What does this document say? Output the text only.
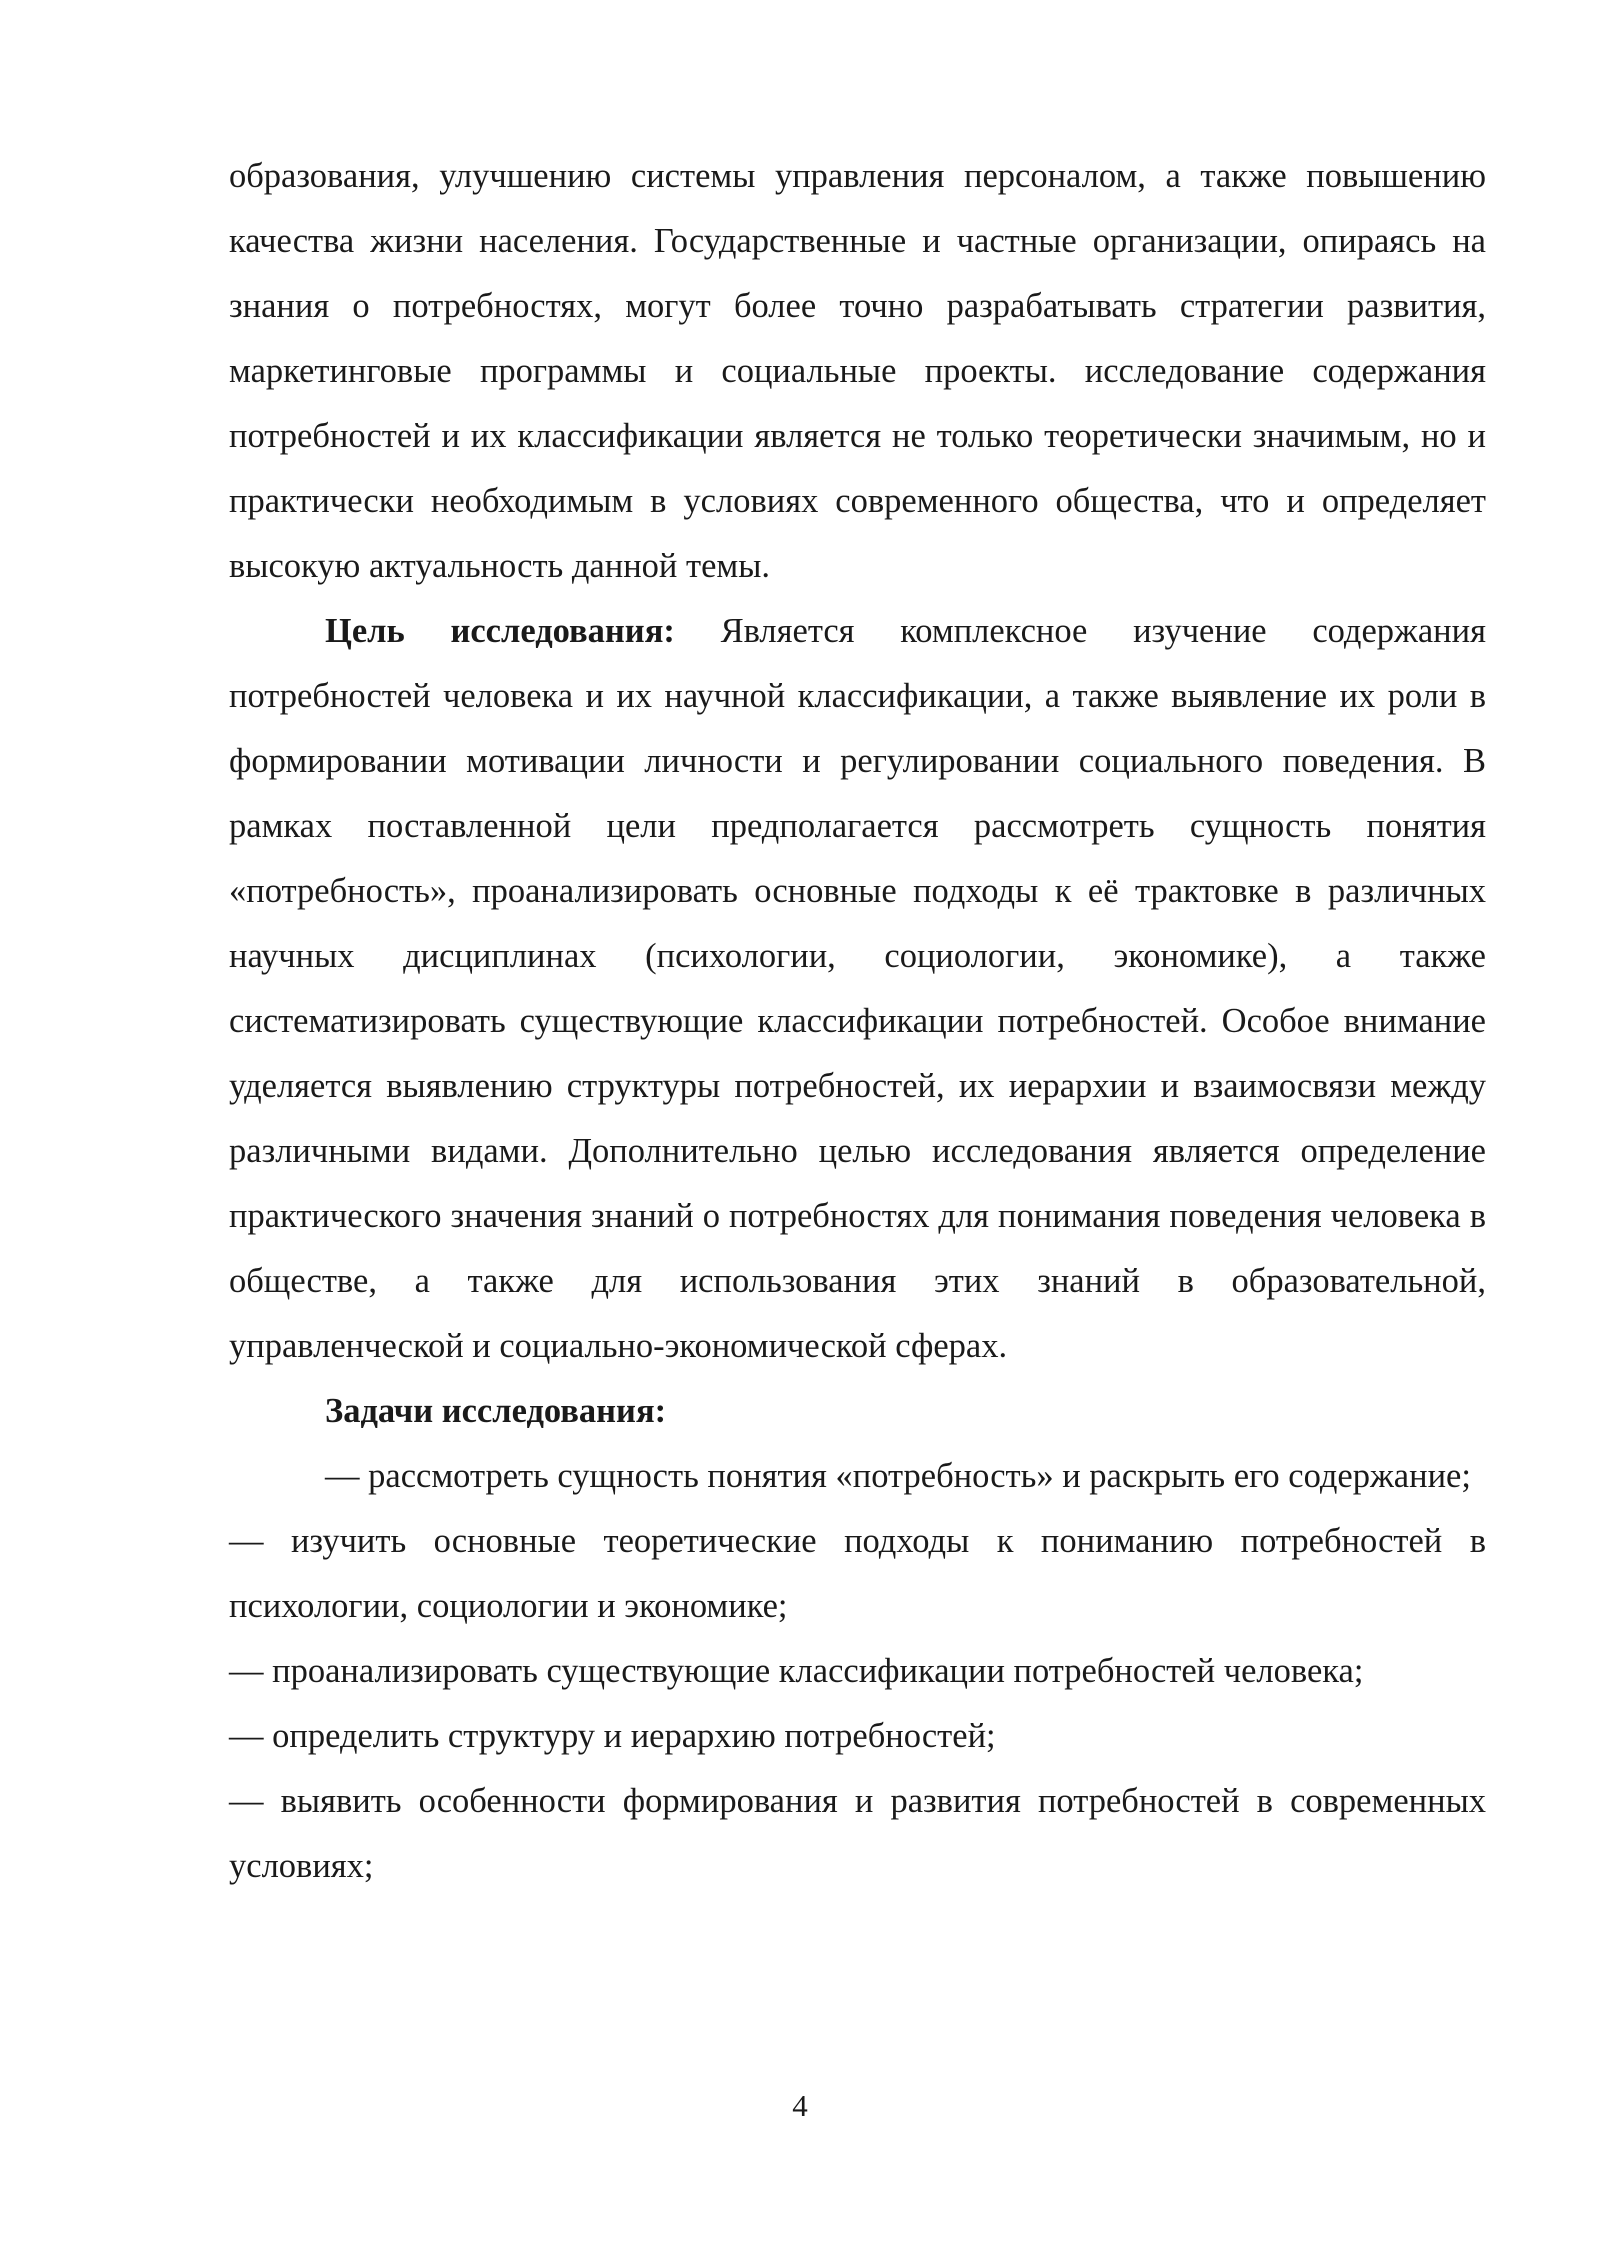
образования, улучшению системы управления персоналом, а также повышению качества жизни населения. Государственные и частные организации, опираясь на знания о потребностях, могут более точно разрабатывать стратегии развития, маркетинговые программы и социальные проекты. исследование содержания потребностей и их классификации является не только теоретически значимым, но и практически необходимым в условиях современного общества, что и определяет высокую актуальность данной темы.

Цель исследования: Является комплексное изучение содержания потребностей человека и их научной классификации, а также выявление их роли в формировании мотивации личности и регулировании социального поведения. В рамках поставленной цели предполагается рассмотреть сущность понятия «потребность», проанализировать основные подходы к её трактовке в различных научных дисциплинах (психологии, социологии, экономике), а также систематизировать существующие классификации потребностей. Особое внимание уделяется выявлению структуры потребностей, их иерархии и взаимосвязи между различными видами. Дополнительно целью исследования является определение практического значения знаний о потребностях для понимания поведения человека в обществе, а также для использования этих знаний в образовательной, управленческой и социально-экономической сферах.

Задачи исследования:

— рассмотреть сущность понятия «потребность» и раскрыть его содержание;

— изучить основные теоретические подходы к пониманию потребностей в психологии, социологии и экономике;

— проанализировать существующие классификации потребностей человека;

— определить структуру и иерархию потребностей;

— выявить особенности формирования и развития потребностей в современных условиях;

4
